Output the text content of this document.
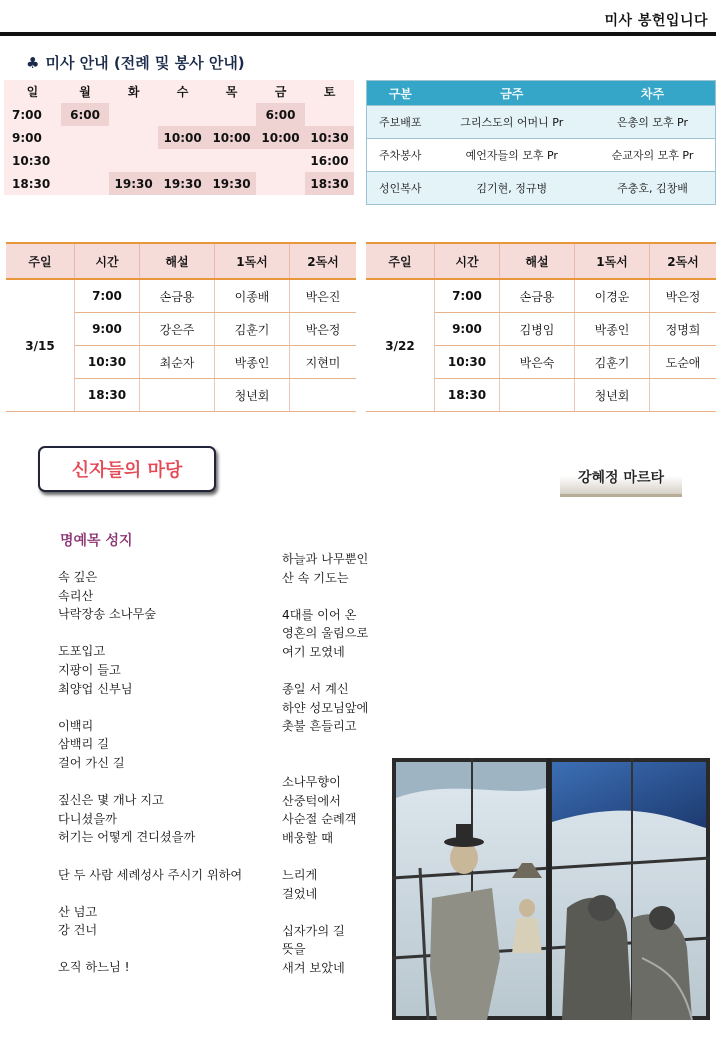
미사 봉헌입니다
♣ 미사 안내 (전례 및 봉사 안내)
일	월	화	수	목	금	토
7:00	6:00				6:00	
9:00			10:00	10:00	10:00	10:30
10:30						16:00
18:30		19:30	19:30	19:30		18:30
구분	금주	차주
주보배포	그리스도의 어머니 Pr	은총의 모후 Pr
주차봉사	예언자들의 모후 Pr	순교자의 모후 Pr
성인복사	김기현, 정규병	주충호, 김창배
주일	시간	해설	1독서	2독서
3/15	7:00	손금용	이종배	박은진
	9:00	강은주	김훈기	박은정
	10:30	최순자	박종인	지현미
	18:30		청년회	
주일	시간	해설	1독서	2독서
3/22	7:00	손금용	이경운	박은정
	9:00	김병임	박종인	정명희
	10:30	박은숙	김훈기	도순애
	18:30		청년회	
신자들의 마당	강혜정 마르타
명예목 성지
속 깊은
속리산
낙락장송 소나무숲
도포입고
지팡이 들고
최양업 신부님
이백리
삼백리 길
걸어 가신 길
짚신은 몇 개나 지고
다니셨을까
허기는 어떻게 견디셨을까
단 두 사람 세례성사 주시기 위하여
산 넘고
강 건너
오직 하느님 !
하늘과 나무뿐인
산 속 기도는
4대를 이어 온
영혼의 울림으로
여기 모였네
종일 서 계신
하얀 성모님앞에
촛불 흔들리고
소나무향이
산중턱에서
사순절 순례객
배웅할 때
느리게
걸었네
십자가의 길
뜻을
새겨 보았네
